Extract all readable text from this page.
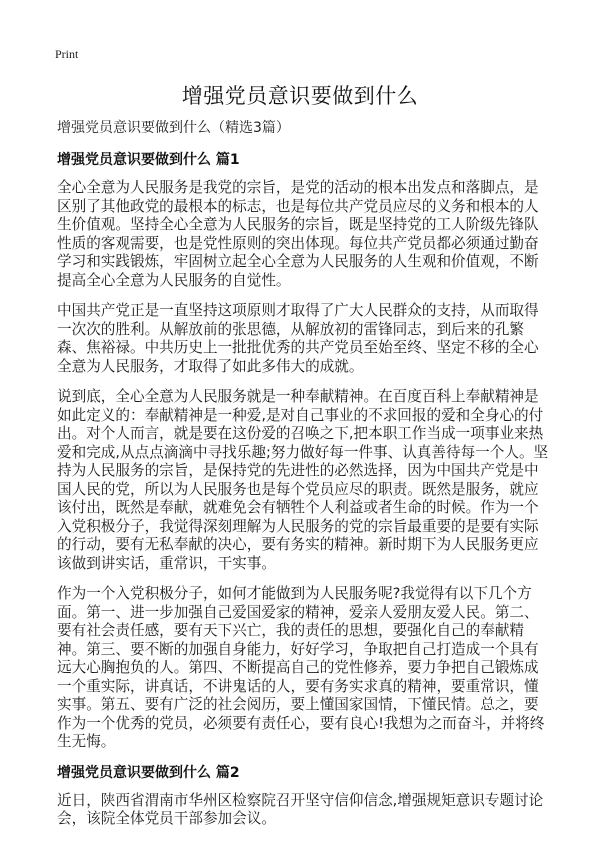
Print
增强党员意识要做到什么

增强党员意识要做到什么（精选3篇）

增强党员意识要做到什么 篇1

全心全意为人民服务是我党的宗旨，是党的活动的根本出发点和落脚点，是区别了其他政党的最根本的标志，也是每位共产党员应尽的义务和根本的人生价值观。坚持全心全意为人民服务的宗旨，既是坚持党的工人阶级先锋队性质的客观需要，也是党性原则的突出体现。每位共产党员都必须通过勤奋学习和实践锻炼，牢固树立起全心全意为人民服务的人生观和价值观，不断提高全心全意为人民服务的自觉性。

中国共产党正是一直坚持这项原则才取得了广大人民群众的支持，从而取得一次次的胜利。从解放前的张思德，从解放初的雷锋同志，到后来的孔繁森、焦裕禄。中共历史上一批批优秀的共产党员至始至终、坚定不移的全心全意为人民服务，才取得了如此多伟大的成就。

说到底，全心全意为人民服务就是一种奉献精神。在百度百科上奉献精神是如此定义的：奉献精神是一种爱,是对自己事业的不求回报的爱和全身心的付出。对个人而言，就是要在这份爱的召唤之下,把本职工作当成一项事业来热爱和完成,从点点滴滴中寻找乐趣;努力做好每一件事、认真善待每一个人。坚持为人民服务的宗旨，是保持党的先进性的必然选择，因为中国共产党是中国人民的党，所以为人民服务也是每个党员应尽的职责。既然是服务，就应该付出，既然是奉献，就难免会有牺牲个人利益或者生命的时候。作为一个入党积极分子，我觉得深刻理解为人民服务的党的宗旨最重要的是要有实际的行动，要有无私奉献的决心，要有务实的精神。新时期下为人民服务更应该做到讲实话，重常识，干实事。

作为一个入党积极分子，如何才能做到为人民服务呢?我觉得有以下几个方面。第一、进一步加强自己爱国爱家的精神，爱亲人爱朋友爱人民。第二、要有社会责任感，要有天下兴亡，我的责任的思想，要强化自己的奉献精神。第三、要不断的加强自身能力，好好学习，争取把自己打造成一个具有远大心胸抱负的人。第四、不断提高自己的党性修养，要力争把自己锻炼成一个重实际，讲真话，不讲鬼话的人，要有务实求真的精神，要重常识，懂实事。第五、要有广泛的社会阅历，要上懂国家国情，下懂民情。总之，要作为一个优秀的党员，必须要有责任心，要有良心!我想为之而奋斗，并将终生无悔。

增强党员意识要做到什么 篇2

近日，陕西省渭南市华州区检察院召开坚守信仰信念,增强规矩意识专题讨论会，该院全体党员干部参加会议。
